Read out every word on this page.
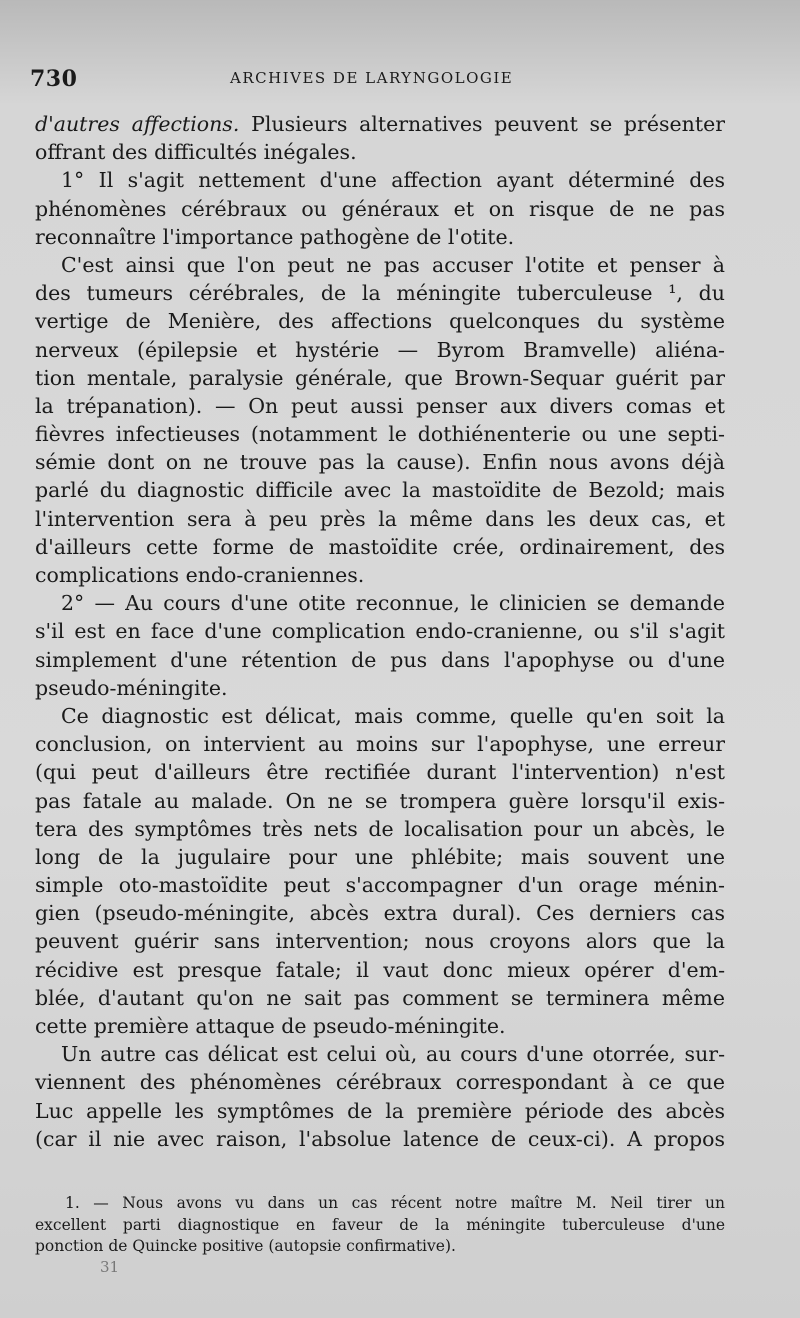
730	ARCHIVES DE LARYNGOLOGIE
d'autres affections. Plusieurs alternatives peuvent se présenter
offrant des difficultés inégales.
1° Il s'agit nettement d'une affection ayant déterminé des
phénomènes cérébraux ou généraux et on risque de ne pas
reconnaître l'importance pathogène de l'otite.
C'est ainsi que l'on peut ne pas accuser l'otite et penser à
des tumeurs cérébrales, de la méningite tuberculeuse ¹, du
vertige de Menière, des affections quelconques du système
nerveux (épilepsie et hystérie — Byrom Bramvelle) aliéna-
tion mentale, paralysie générale, que Brown-Sequar guérit par
la trépanation). — On peut aussi penser aux divers comas et
fièvres infectieuses (notamment le dothiénenterie ou une septi-
sémie dont on ne trouve pas la cause). Enfin nous avons déjà
parlé du diagnostic difficile avec la mastoïdite de Bezold; mais
l'intervention sera à peu près la même dans les deux cas, et
d'ailleurs cette forme de mastoïdite crée, ordinairement, des
complications endo-craniennes.
2° — Au cours d'une otite reconnue, le clinicien se demande
s'il est en face d'une complication endo-cranienne, ou s'il s'agit
simplement d'une rétention de pus dans l'apophyse ou d'une
pseudo-méningite.
Ce diagnostic est délicat, mais comme, quelle qu'en soit la
conclusion, on intervient au moins sur l'apophyse, une erreur
(qui peut d'ailleurs être rectifiée durant l'intervention) n'est
pas fatale au malade. On ne se trompera guère lorsqu'il exis-
tera des symptômes très nets de localisation pour un abcès, le
long de la jugulaire pour une phlébite; mais souvent une
simple oto-mastoïdite peut s'accompagner d'un orage ménin-
gien (pseudo-méningite, abcès extra dural). Ces derniers cas
peuvent guérir sans intervention; nous croyons alors que la
récidive est presque fatale; il vaut donc mieux opérer d'em-
blée, d'autant qu'on ne sait pas comment se terminera même
cette première attaque de pseudo-méningite.
Un autre cas délicat est celui où, au cours d'une otorrée, sur-
viennent des phénomènes cérébraux correspondant à ce que
Luc appelle les symptômes de la première période des abcès
(car il nie avec raison, l'absolue latence de ceux-ci). A propos
1. — Nous avons vu dans un cas récent notre maître M. Neil tirer un
excellent parti diagnostique en faveur de la méningite tuberculeuse d'une
ponction de Quincke positive (autopsie confirmative).
31
